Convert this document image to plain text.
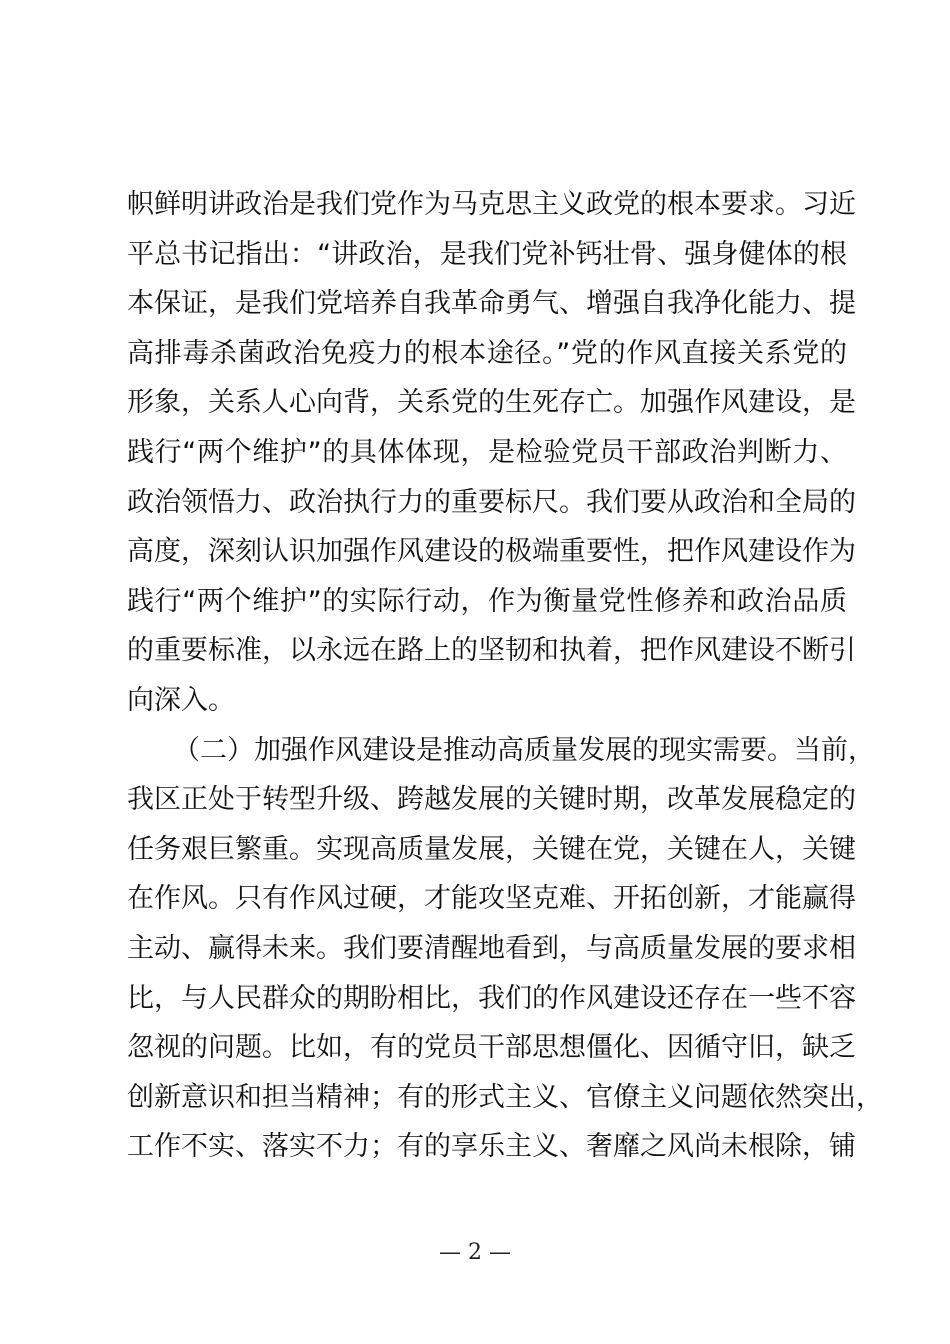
帜鲜明讲政治是我们党作为马克思主义政党的根本要求。习近
平总书记指出：“讲政治，是我们党补钙壮骨、强身健体的根
本保证，是我们党培养自我革命勇气、增强自我净化能力、提
高排毒杀菌政治免疫力的根本途径。”党的作风直接关系党的
形象，关系人心向背，关系党的生死存亡。加强作风建设，是
践行“两个维护”的具体体现，是检验党员干部政治判断力、
政治领悟力、政治执行力的重要标尺。我们要从政治和全局的
高度，深刻认识加强作风建设的极端重要性，把作风建设作为
践行“两个维护”的实际行动，作为衡量党性修养和政治品质
的重要标准，以永远在路上的坚韧和执着，把作风建设不断引
向深入。
（二）加强作风建设是推动高质量发展的现实需要。当前，
我区正处于转型升级、跨越发展的关键时期，改革发展稳定的
任务艰巨繁重。实现高质量发展，关键在党，关键在人，关键
在作风。只有作风过硬，才能攻坚克难、开拓创新，才能赢得
主动、赢得未来。我们要清醒地看到，与高质量发展的要求相
比，与人民群众的期盼相比，我们的作风建设还存在一些不容
忽视的问题。比如，有的党员干部思想僵化、因循守旧，缺乏
创新意识和担当精神；有的形式主义、官僚主义问题依然突出，
工作不实、落实不力；有的享乐主义、奢靡之风尚未根除，铺
— 2 —
